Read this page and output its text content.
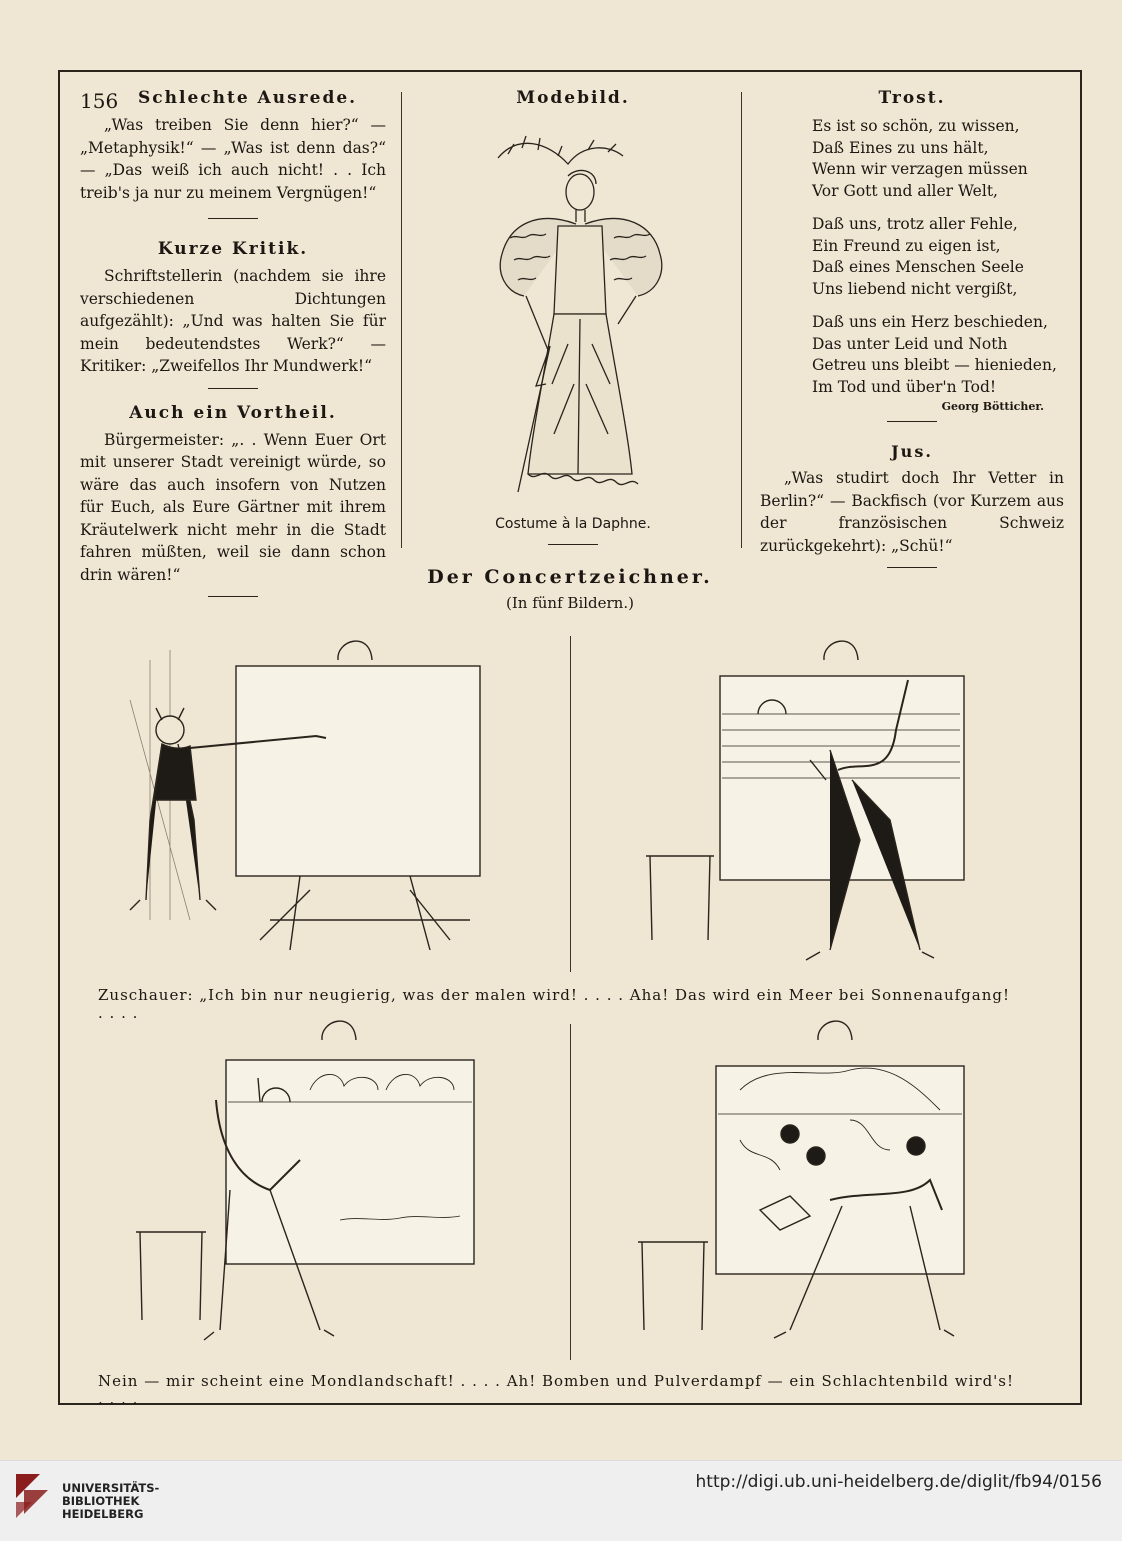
156 Schlechte Ausrede.
„Was treiben Sie denn hier?“ — „Metaphysik!“ — „Was ist denn das?“ — „Das weiß ich auch nicht! . . Ich treib's ja nur zu meinem Vergnügen!“
Kurze Kritik.
Schriftstellerin (nachdem sie ihre verschiedenen Dichtungen aufgezählt): „Und was halten Sie für mein bedeutendstes Werk?“ — Kritiker: „Zweifellos Ihr Mundwerk!“
Auch ein Vortheil.
Bürgermeister: „. . Wenn Euer Ort mit unserer Stadt vereinigt würde, so wäre das auch insofern von Nutzen für Euch, als Eure Gärtner mit ihrem Kräutelwerk nicht mehr in die Stadt fahren müßten, weil sie dann schon drin wären!“
Modebild.
Costume à la Daphne.
Trost.
Es ist so schön, zu wissen,
Daß Eines zu uns hält,
Wenn wir verzagen müssen
Vor Gott und aller Welt,
Daß uns, trotz aller Fehle,
Ein Freund zu eigen ist,
Daß eines Menschen Seele
Uns liebend nicht vergißt,
Daß uns ein Herz beschieden,
Das unter Leid und Noth
Getreu uns bleibt — hienieden,
Im Tod und über'n Tod!
Georg Bötticher.
Jus.
„Was studirt doch Ihr Vetter in Berlin?“ — Backfisch (vor Kurzem aus der französischen Schweiz zurückgekehrt): „Schü!“
Der Concertzeichner.
(In fünf Bildern.)
Zuschauer: „Ich bin nur neugierig, was der malen wird! . . . . Aha! Das wird ein Meer bei Sonnenaufgang! . . . .
Nein — mir scheint eine Mondlandschaft! . . . . Ah! Bomben und Pulverdampf — ein Schlachtenbild wird's! . . . .
UNIVERSITÄTS-
BIBLIOTHEK
HEIDELBERG
http://digi.ub.uni-heidelberg.de/diglit/fb94/0156
